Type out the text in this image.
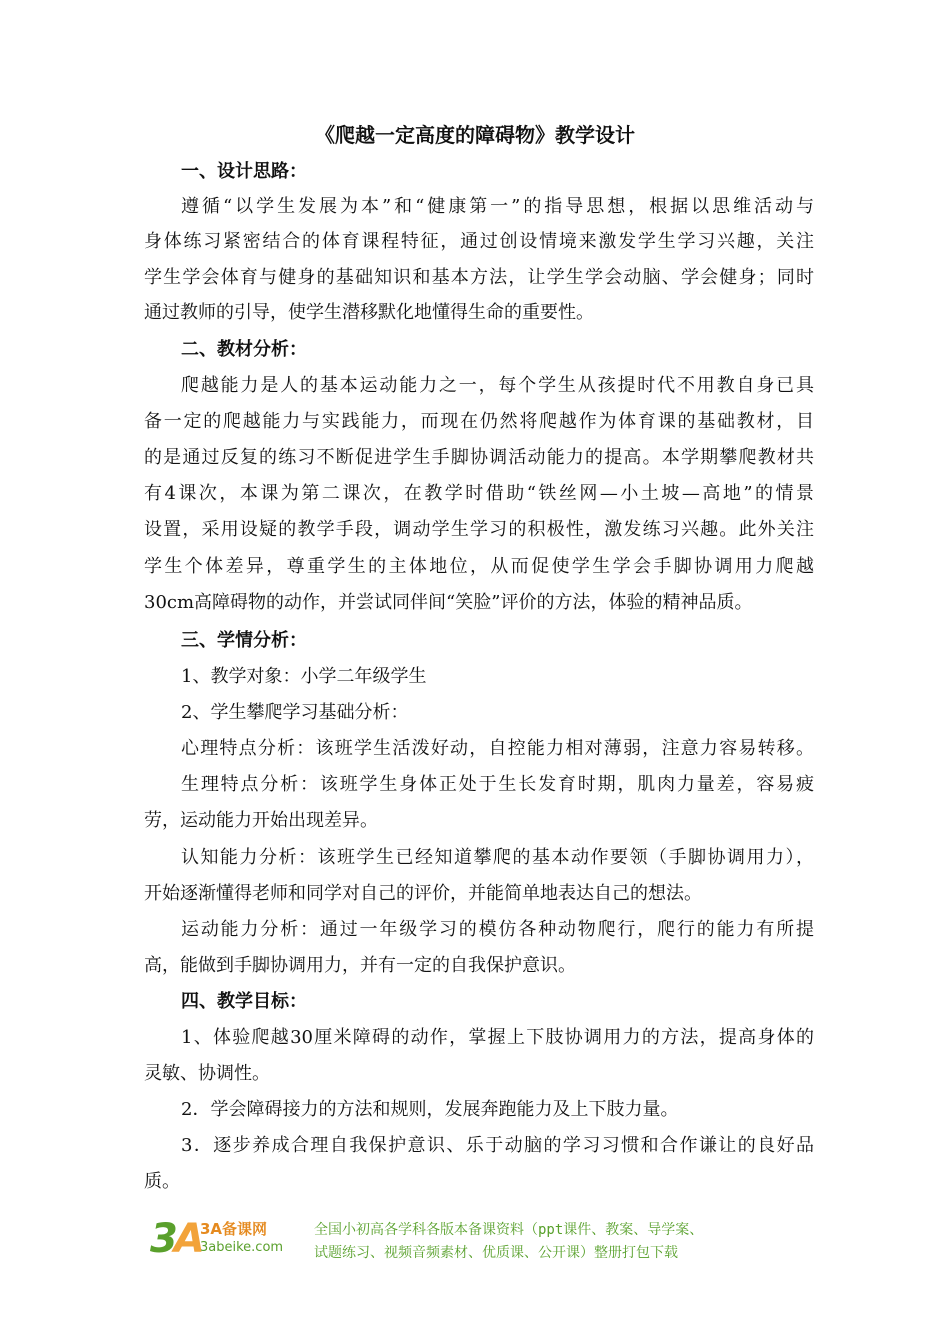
《爬越一定高度的障碍物》教学设计
一、设计思路：
遵循“以学生发展为本”和“健康第一”的指导思想，根据以思维活动与
身体练习紧密结合的体育课程特征，通过创设情境来激发学生学习兴趣，关注
学生学会体育与健身的基础知识和基本方法，让学生学会动脑、学会健身；同时
通过教师的引导，使学生潜移默化地懂得生命的重要性。
二、教材分析：
爬越能力是人的基本运动能力之一，每个学生从孩提时代不用教自身已具
备一定的爬越能力与实践能力，而现在仍然将爬越作为体育课的基础教材，目
的是通过反复的练习不断促进学生手脚协调活动能力的提高。本学期攀爬教材共
有4课次，本课为第二课次，在教学时借助“铁丝网—小土坡—高地”的情景
设置，采用设疑的教学手段，调动学生学习的积极性，激发练习兴趣。此外关注
学生个体差异，尊重学生的主体地位，从而促使学生学会手脚协调用力爬越
30cm高障碍物的动作，并尝试同伴间“笑脸”评价的方法，体验的精神品质。
三、学情分析：
1、教学对象：小学二年级学生
2、学生攀爬学习基础分析：
心理特点分析：该班学生活泼好动，自控能力相对薄弱，注意力容易转移。
生理特点分析：该班学生身体正处于生长发育时期，肌肉力量差，容易疲
劳，运动能力开始出现差异。
认知能力分析：该班学生已经知道攀爬的基本动作要领（手脚协调用力），
开始逐渐懂得老师和同学对自己的评价，并能简单地表达自己的想法。
运动能力分析：通过一年级学习的模仿各种动物爬行，爬行的能力有所提
高，能做到手脚协调用力，并有一定的自我保护意识。
四、教学目标：
1、体验爬越30厘米障碍的动作，掌握上下肢协调用力的方法，提高身体的
灵敏、协调性。
2．学会障碍接力的方法和规则，发展奔跑能力及上下肢力量。
3．逐步养成合理自我保护意识、乐于动脑的学习习惯和合作谦让的良好品
质。
3A 3A备课网
3abeike.com
全国小初高各学科各版本备课资料（ppt课件、教案、导学案、
试题练习、视频音频素材、优质课、公开课）整册打包下载
